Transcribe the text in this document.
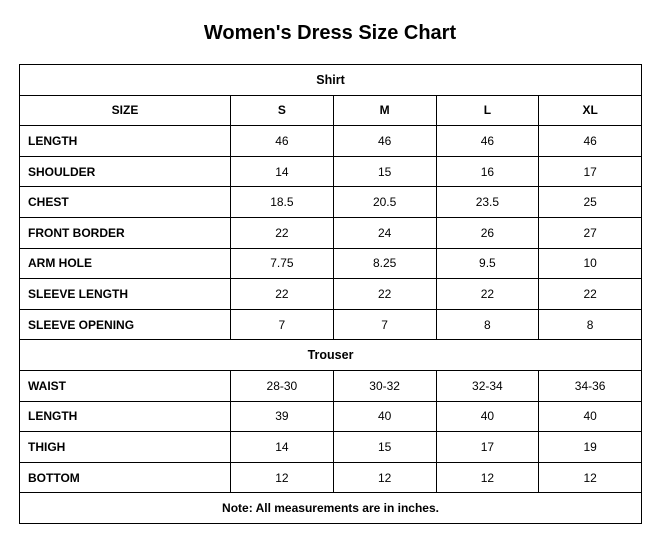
Women's Dress Size Chart
Shirt				
SIZE	S	M	L	XL
LENGTH	46	46	46	46
SHOULDER	14	15	16	17
CHEST	18.5	20.5	23.5	25
FRONT BORDER	22	24	26	27
ARM HOLE	7.75	8.25	9.5	10
SLEEVE LENGTH	22	22	22	22
SLEEVE OPENING	7	7	8	8
Trouser				
WAIST	28-30	30-32	32-34	34-36
LENGTH	39	40	40	40
THIGH	14	15	17	19
BOTTOM	12	12	12	12
Note: All measurements are in inches.				
